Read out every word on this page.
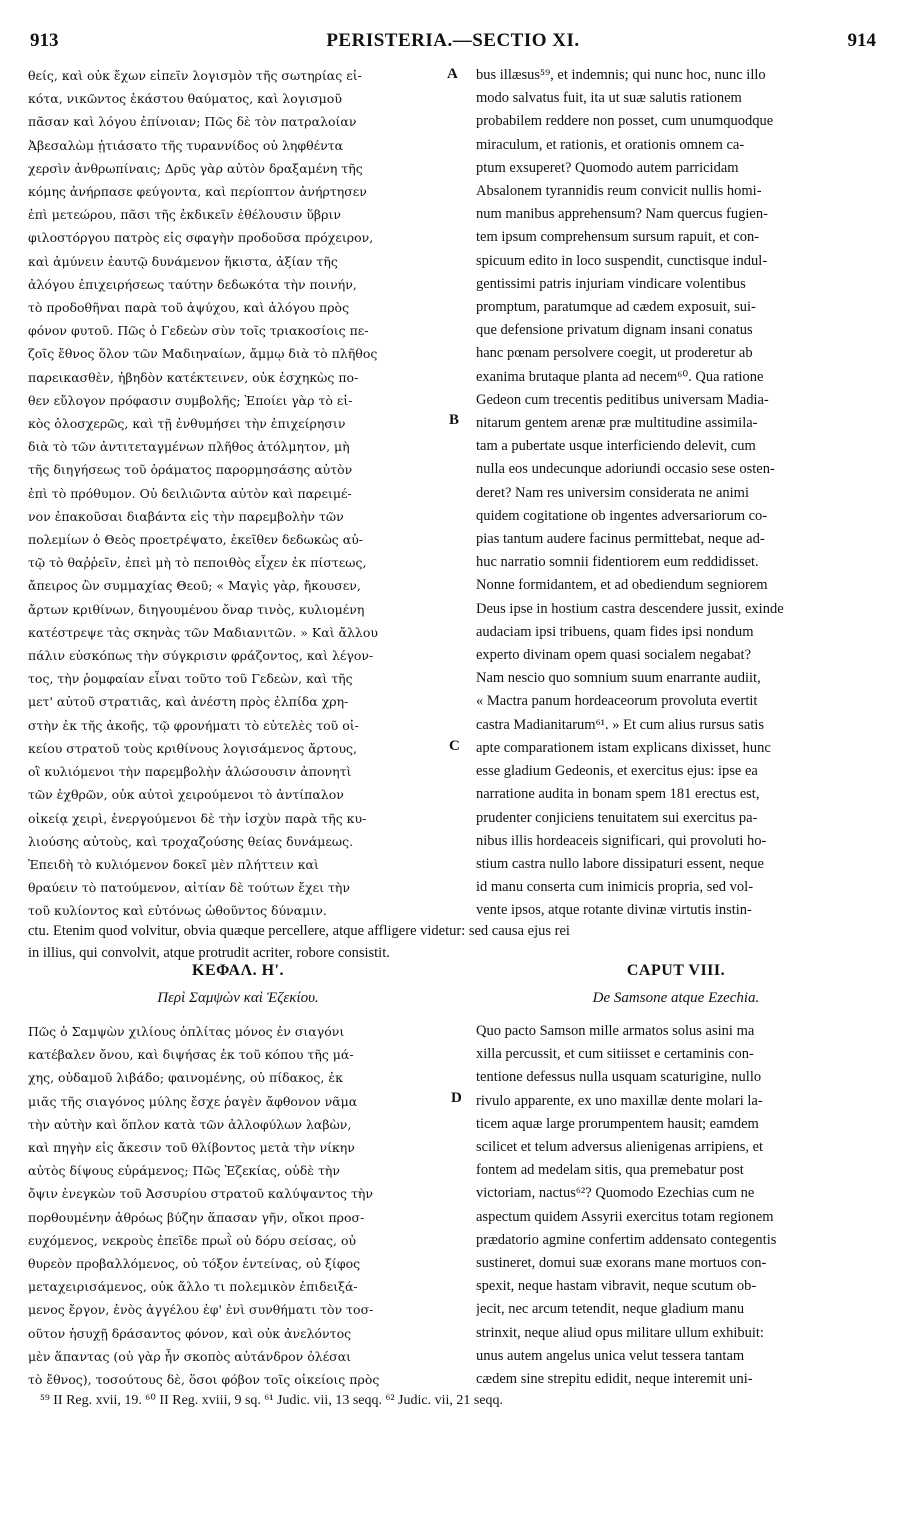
913	PERISTERIA.—SECTIO XI.	914
θείς, καὶ οὐκ ἔχων εἰπεῖν λογισμὸν τῆς σωτηρίας εἰ-
κότα, νικῶντος ἑκάστου θαύματος, καὶ λογισμοῦ
πᾶσαν καὶ λόγου ἐπίνοιαν; Πῶς δὲ τὸν πατραλοίαν
Ἀβεσαλὼμ ᾐτιάσατο τῆς τυραννίδος οὐ ληφθέντα
χερσὶν ἀνθρωπίναις; Δρῦς γὰρ αὐτὸν δραξαμένη τῆς
κόμης ἀνήρπασε φεύγοντα, καὶ περίοπτον ἀνήρτησεν
ἐπὶ μετεώρου, πᾶσι τῆς ἐκδικεῖν ἐθέλουσιν ὕβριν
φιλοστόργου πατρὸς εἰς σφαγὴν προδοῦσα πρόχειρον,
καὶ ἀμύνειν ἑαυτῷ δυνάμενον ἥκιστα, ἀξίαν τῆς
ἀλόγου ἐπιχειρήσεως ταύτην δεδωκότα τὴν ποινήν,
τὸ προδοθῆναι παρὰ τοῦ ἀψύχου, καὶ ἀλόγου πρὸς
φόνον φυτοῦ. Πῶς ὁ Γεδεὼν σὺν τοῖς τριακοσίοις πε-
ζοῖς ἔθνος ὅλον τῶν Μαδιηναίων, ἄμμῳ διὰ τὸ πλῆθος
παρεικασθὲν, ἡβηδὸν κατέκτεινεν, οὐκ ἐσχηκὼς πο-
θεν εὔλογον πρόφασιν συμβολῆς; Ἐποίει γὰρ τὸ εἰ-
κὸς ὁλοσχερῶς, καὶ τῇ ἐνθυμήσει τὴν ἐπιχείρησιν
διὰ τὸ τῶν ἀντιτεταγμένων πλῆθος ἀτόλμητον, μὴ
τῆς διηγήσεως τοῦ ὁράματος παρορμησάσης αὐτὸν
ἐπὶ τὸ πρόθυμον. Οὐ δειλιῶντα αὐτὸν καὶ παρειμέ-
νον ἐπακοῦσαι διαβάντα εἰς τὴν παρεμβολὴν τῶν
πολεμίων ὁ Θεὸς προετρέψατο, ἐκεῖθεν δεδωκὼς αὐ-
τῷ τὸ θαῤῥεῖν, ἐπεὶ μὴ τὸ πεποιθὸς εἶχεν ἐκ πίστεως,
ἄπειρος ὢν συμμαχίας Θεοῦ; « Μαγὶς γὰρ, ἤκουσεν,
ἄρτων κριθίνων, διηγουμένου ὄναρ τινὸς, κυλιομένη
κατέστρεψε τὰς σκηνὰς τῶν Μαδιανιτῶν. » Καὶ ἄλλου
πάλιν εὐσκόπως τὴν σύγκρισιν φράζοντος, καὶ λέγον-
τος, τὴν ῥομφαίαν εἶναι τοῦτο τοῦ Γεδεὼν, καὶ τῆς
μετ' αὐτοῦ στρατιᾶς, καὶ ἀνέστη πρὸς ἐλπίδα χρη-
στὴν ἐκ τῆς ἀκοῆς, τῷ φρονήματι τὸ εὐτελὲς τοῦ οἰ-
κείου στρατοῦ τοὺς κριθίνους λογισάμενος ἄρτους,
οἳ κυλιόμενοι τὴν παρεμβολὴν ἁλώσουσιν ἀπονητὶ
τῶν ἐχθρῶν, οὐκ αὐτοὶ χειρούμενοι τὸ ἀντίπαλον
οἰκείᾳ χειρὶ, ἐνεργούμενοι δὲ τὴν ἰσχὺν παρὰ τῆς κυ-
λιούσης αὐτοὺς, καὶ τροχαζούσης θείας δυνάμεως.
Ἐπειδὴ τὸ κυλιόμενον δοκεῖ μὲν πλήττειν καὶ
θραύειν τὸ πατούμενον, αἰτίαν δὲ τούτων ἔχει τὴν
τοῦ κυλίοντος καὶ εὐτόνως ὠθοῦντος δύναμιν.
bus illæsus⁵⁹, et indemnis; qui nunc hoc, nunc illo
modo salvatus fuit, ita ut suæ salutis rationem
probabilem reddere non posset, cum unumquodque
miraculum, et rationis, et orationis omnem ca-
ptum exsuperet? Quomodo autem parricidam
Absalonem tyrannidis reum convicit nullis homi-
num manibus apprehensum? Nam quercus fugien-
tem ipsum comprehensum sursum rapuit, et con-
spicuum edito in loco suspendit, cunctisque indul-
gentissimi patris injuriam vindicare volentibus
promptum, paratumque ad cædem exposuit, sui-
que defensione privatum dignam insani conatus
hanc pœnam persolvere coegit, ut proderetur ab
exanima brutaque planta ad necem⁶⁰. Qua ratione
Gedeon cum trecentis peditibus universam Madia-
nitarum gentem arenæ præ multitudine assimila-
tam a pubertate usque interficiendo delevit, cum
nulla eos undecunque adoriundi occasio sese osten-
deret? Nam res universim considerata ne animi
quidem cogitatione ob ingentes adversariorum co-
pias tantum audere facinus permittebat, neque ad-
huc narratio somnii fidentiorem eum reddidisset.
Nonne formidantem, et ad obediendum segniorem
Deus ipse in hostium castra descendere jussit, exinde
audaciam ipsi tribuens, quam fides ipsi nondum
experto divinam opem quasi socialem negabat?
Nam nescio quo somnium suum enarrante audiit,
« Mactra panum hordeaceorum provoluta evertit
castra Madianitarum⁶¹. » Et cum alius rursus satis
apte comparationem istam explicans dixisset, hunc
esse gladium Gedeonis, et exercitus ejus: ipse ea
narratione audita in bonam spem 181 erectus est,
prudenter conjiciens tenuitatem sui exercitus pa-
nibus illis hordeaceis significari, qui provoluti ho-
stium castra nullo labore dissipaturi essent, neque
id manu conserta cum inimicis propria, sed vol-
vente ipsos, atque rotante divinæ virtutis instin-
A
B
C
D
ctu. Etenim quod volvitur, obvia quæque percellere, atque affligere videtur: sed causa ejus rei
in illius, qui convolvit, atque protrudit acriter, robore consistit.
ΚΕΦΑΛ. Η'.
Περὶ Σαμψὼν καὶ Ἐζεκίου.
CAPUT VIII.
De Samsone atque Ezechia.
Πῶς ὁ Σαμψὼν χιλίους ὁπλίτας μόνος ἐν σιαγόνι
κατέβαλεν ὄνου, καὶ διψήσας ἐκ τοῦ κόπου τῆς μά-
χης, οὐδαμοῦ λιβάδο; φαινομένης, οὐ πίδακος, ἐκ
μιᾶς τῆς σιαγόνος μύλης ἔσχε ῥαγὲν ἄφθονον νᾶμα
τὴν αὐτὴν καὶ ὅπλον κατὰ τῶν ἀλλοφύλων λαβὼν,
καὶ πηγὴν εἰς ἄκεσιν τοῦ θλίβοντος μετὰ τὴν νίκην
αὐτὸς δίψους εὑράμενος; Πῶς Ἐζεκίας, οὐδὲ τὴν
ὄψιν ἐνεγκὼν τοῦ Ἀσσυρίου στρατοῦ καλύψαντος τὴν
πορθουμένην ἀθρόως βύζην ἅπασαν γῆν, οἴκοι προσ-
ευχόμενος, νεκροὺς ἐπεῖδε πρωῒ οὐ δόρυ σείσας, οὐ
θυρεὸν προβαλλόμενος, οὐ τόξον ἐντείνας, οὐ ξίφος
μεταχειρισάμενος, οὐκ ἄλλο τι πολεμικὸν ἐπιδειξά-
μενος ἔργον, ἑνὸς ἀγγέλου ἐφ' ἑνὶ συνθήματι τὸν τοσ-
οῦτον ἡσυχῇ δράσαντος φόνον, καὶ οὐκ ἀνελόντος
μὲν ἅπαντας (οὐ γὰρ ἦν σκοπὸς αὐτάνδρον ὀλέσαι
τὸ ἔθνος), τοσούτους δὲ, ὅσοι φόβον τοῖς οἰκείοις πρὸς
Quo pacto Samson mille armatos solus asini ma
xilla percussit, et cum sitiisset e certaminis con-
tentione defessus nulla usquam scaturigine, nullo
rivulo apparente, ex uno maxillæ dente molari la-
ticem aquæ large prorumpentem hausit; eamdem
scilicet et telum adversus alienigenas arripiens, et
fontem ad medelam sitis, qua premebatur post
victoriam, nactus⁶²? Quomodo Ezechias cum ne
aspectum quidem Assyrii exercitus totam regionem
prædatorio agmine confertim addensato contegentis
sustineret, domui suæ exorans mane mortuos con-
spexit, neque hastam vibravit, neque scutum ob-
jecit, nec arcum tetendit, neque gladium manu
strinxit, neque aliud opus militare ullum exhibuit:
unus autem angelus unica velut tessera tantam
cædem sine strepitu edidit, neque interemit uni-
⁵⁹ II Reg. xvii, 19. ⁶⁰ II Reg. xviii, 9 sq. ⁶¹ Judic. vii, 13 seqq. ⁶² Judic. vii, 21 seqq.
